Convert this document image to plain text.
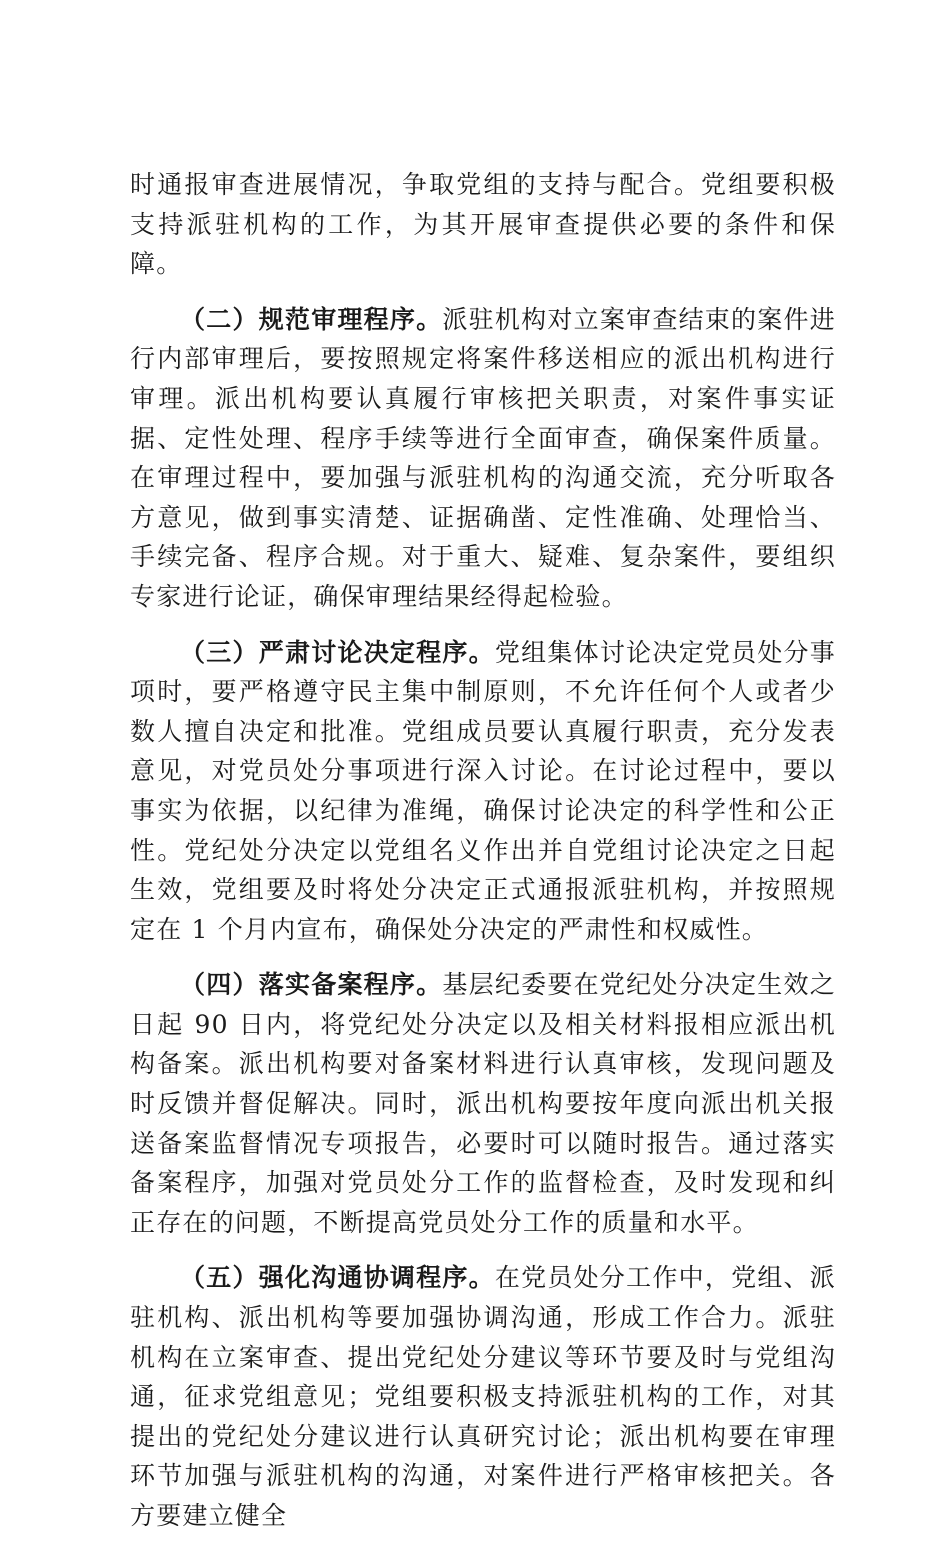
时通报审查进展情况，争取党组的支持与配合。党组要积极支持派驻机构的工作，为其开展审查提供必要的条件和保障。

（二）规范审理程序。派驻机构对立案审查结束的案件进行内部审理后，要按照规定将案件移送相应的派出机构进行审理。派出机构要认真履行审核把关职责，对案件事实证据、定性处理、程序手续等进行全面审查，确保案件质量。在审理过程中，要加强与派驻机构的沟通交流，充分听取各方意见，做到事实清楚、证据确凿、定性准确、处理恰当、手续完备、程序合规。对于重大、疑难、复杂案件，要组织专家进行论证，确保审理结果经得起检验。

（三）严肃讨论决定程序。党组集体讨论决定党员处分事项时，要严格遵守民主集中制原则，不允许任何个人或者少数人擅自决定和批准。党组成员要认真履行职责，充分发表意见，对党员处分事项进行深入讨论。在讨论过程中，要以事实为依据，以纪律为准绳，确保讨论决定的科学性和公正性。党纪处分决定以党组名义作出并自党组讨论决定之日起生效，党组要及时将处分决定正式通报派驻机构，并按照规定在 1 个月内宣布，确保处分决定的严肃性和权威性。

（四）落实备案程序。基层纪委要在党纪处分决定生效之日起 90 日内，将党纪处分决定以及相关材料报相应派出机构备案。派出机构要对备案材料进行认真审核，发现问题及时反馈并督促解决。同时，派出机构要按年度向派出机关报送备案监督情况专项报告，必要时可以随时报告。通过落实备案程序，加强对党员处分工作的监督检查，及时发现和纠正存在的问题，不断提高党员处分工作的质量和水平。

（五）强化沟通协调程序。在党员处分工作中，党组、派驻机构、派出机构等要加强协调沟通，形成工作合力。派驻机构在立案审查、提出党纪处分建议等环节要及时与党组沟通，征求党组意见；党组要积极支持派驻机构的工作，对其提出的党纪处分建议进行认真研究讨论；派出机构要在审理环节加强与派驻机构的沟通，对案件进行严格审核把关。各方要建立健全
